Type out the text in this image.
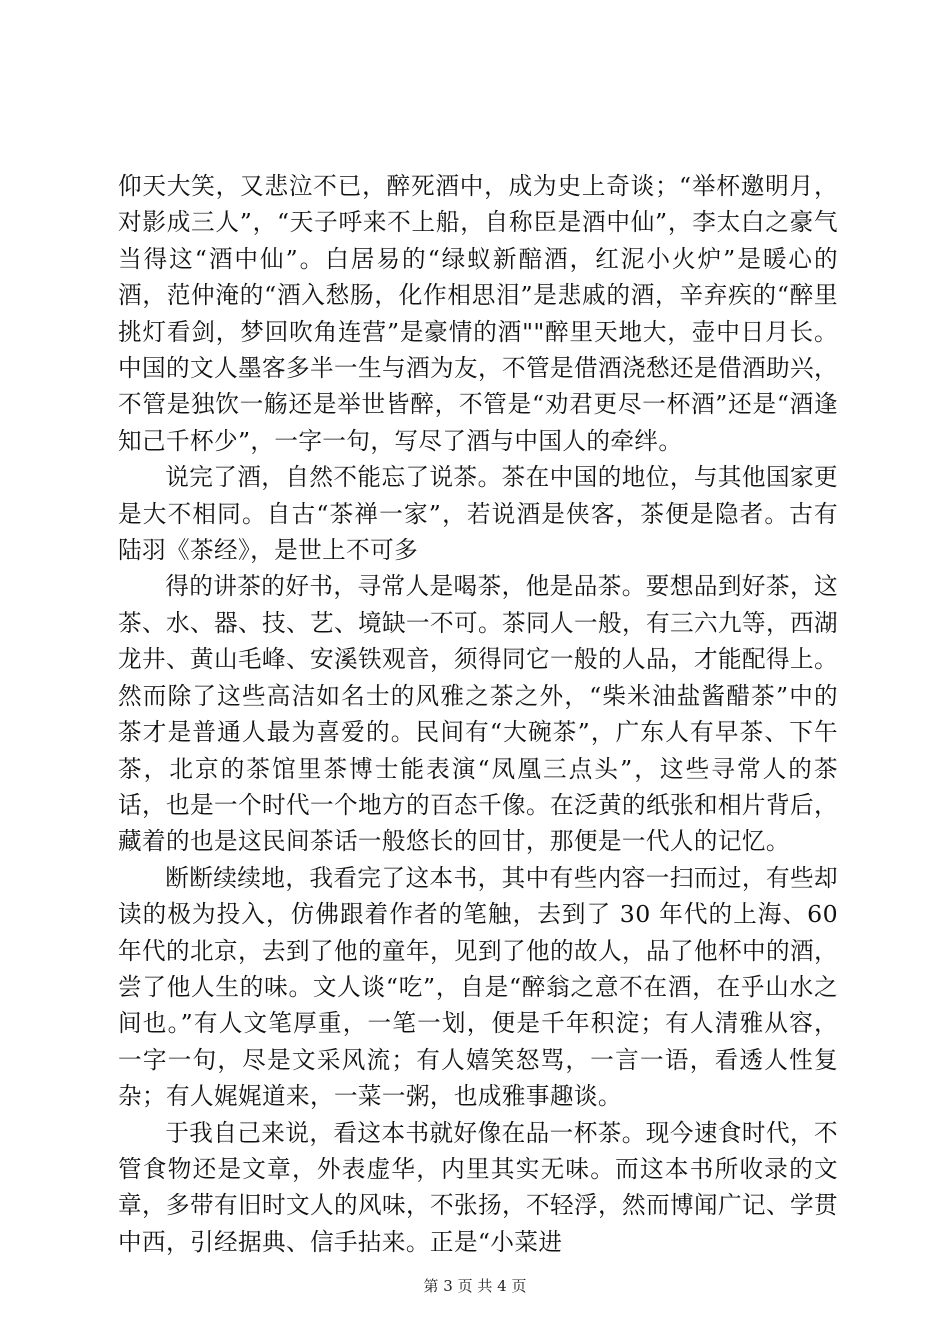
仰天大笑，又悲泣不已，醉死酒中，成为史上奇谈；“举杯邀明月，对影成三人”，“天子呼来不上船，自称臣是酒中仙”，李太白之豪气当得这“酒中仙”。白居易的“绿蚁新醅酒，红泥小火炉”是暖心的酒，范仲淹的“酒入愁肠，化作相思泪”是悲戚的酒，辛弃疾的“醉里挑灯看剑，梦回吹角连营”是豪情的酒""醉里天地大，壶中日月长。中国的文人墨客多半一生与酒为友，不管是借酒浇愁还是借酒助兴，不管是独饮一觞还是举世皆醉，不管是“劝君更尽一杯酒”还是“酒逢知己千杯少”，一字一句，写尽了酒与中国人的牵绊。

说完了酒，自然不能忘了说茶。茶在中国的地位，与其他国家更是大不相同。自古“茶禅一家”，若说酒是侠客，茶便是隐者。古有陆羽《茶经》，是世上不可多

得的讲茶的好书，寻常人是喝茶，他是品茶。要想品到好茶，这茶、水、器、技、艺、境缺一不可。茶同人一般，有三六九等，西湖龙井、黄山毛峰、安溪铁观音，须得同它一般的人品，才能配得上。然而除了这些高洁如名士的风雅之茶之外，“柴米油盐酱醋茶”中的茶才是普通人最为喜爱的。民间有“大碗茶”，广东人有早茶、下午茶，北京的茶馆里茶博士能表演“凤凰三点头”，这些寻常人的茶话，也是一个时代一个地方的百态千像。在泛黄的纸张和相片背后，藏着的也是这民间茶话一般悠长的回甘，那便是一代人的记忆。

断断续续地，我看完了这本书，其中有些内容一扫而过，有些却读的极为投入，仿佛跟着作者的笔触，去到了 30 年代的上海、60 年代的北京，去到了他的童年，见到了他的故人，品了他杯中的酒，尝了他人生的味。文人谈“吃”，自是“醉翁之意不在酒，在乎山水之间也。”有人文笔厚重，一笔一划，便是千年积淀；有人清雅从容，一字一句，尽是文采风流；有人嬉笑怒骂，一言一语，看透人性复杂；有人娓娓道来，一菜一粥，也成雅事趣谈。

于我自己来说，看这本书就好像在品一杯茶。现今速食时代，不管食物还是文章，外表虚华，内里其实无味。而这本书所收录的文章，多带有旧时文人的风味，不张扬，不轻浮，然而博闻广记、学贯中西，引经据典、信手拈来。正是“小菜进

第 3 页 共 4 页
